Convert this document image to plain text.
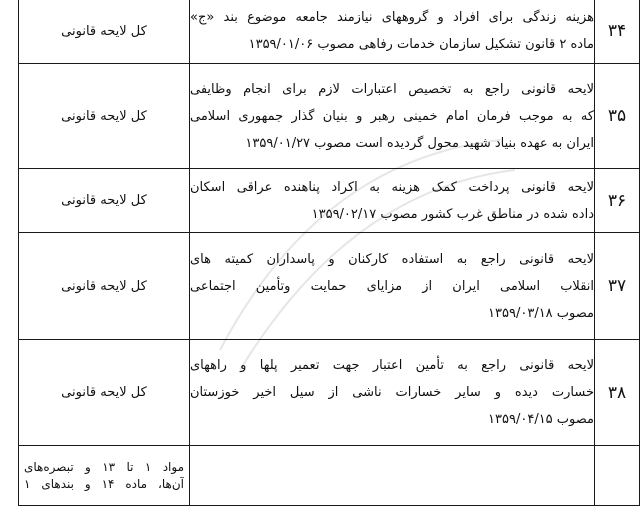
۳۴	هزینه زندگی برای افراد و گروههای نیازمند جامعه موضوع بند «ج»
ماده ۲ قانون تشکیل سازمان خدمات رفاهی مصوب ۱۳۵۹/۰۱/۰۶	کل لایحه قانونی
۳۵	لایحه قانونی راجع به تخصیص اعتبارات لازم برای انجام وظایفی
که به موجب فرمان امام خمینی رهبر و بنیان گذار جمهوری اسلامی
ایران به عهده بنیاد شهید محول گردیده است مصوب ۱۳۵۹/۰۱/۲۷	کل لایحه قانونی
۳۶	لایحه قانونی پرداخت کمک هزینه به اکراد پناهنده عراقی اسکان
داده شده در مناطق غرب کشور مصوب ۱۳۵۹/۰۲/۱۷	کل لایحه قانونی
۳۷	لایحه قانونی راجع به استفاده کارکنان و پاسداران کمیته های
انقلاب اسلامی ایران از مزایای حمایت وتأمین اجتماعی
مصوب ۱۳۵۹/۰۳/۱۸	کل لایحه قانونی
۳۸	لایحه قانونی راجع به تأمین اعتبار جهت تعمیر پلها و راههای
خسارت دیده و سایر خسارات ناشی از سیل اخیر خوزستان
مصوب ۱۳۵۹/۰۴/۱۵	کل لایحه قانونی

		مواد ۱ تا ۱۳ و تبصره‌های
آن‌ها، ماده ۱۴ و بندهای ۱
